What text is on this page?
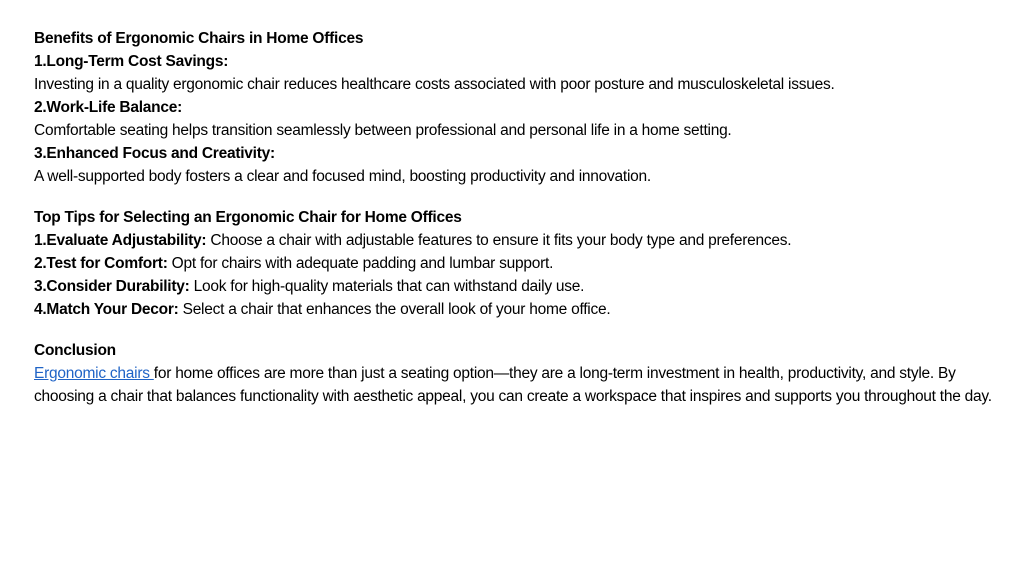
Benefits of Ergonomic Chairs in Home Offices
1.Long-Term Cost Savings:
Investing in a quality ergonomic chair reduces healthcare costs associated with poor posture and musculoskeletal issues.
2.Work-Life Balance:
Comfortable seating helps transition seamlessly between professional and personal life in a home setting.
3.Enhanced Focus and Creativity:
A well-supported body fosters a clear and focused mind, boosting productivity and innovation.
Top Tips for Selecting an Ergonomic Chair for Home Offices
1.Evaluate Adjustability: Choose a chair with adjustable features to ensure it fits your body type and preferences.
2.Test for Comfort: Opt for chairs with adequate padding and lumbar support.
3.Consider Durability: Look for high-quality materials that can withstand daily use.
4.Match Your Decor: Select a chair that enhances the overall look of your home office.
Conclusion
Ergonomic chairs for home offices are more than just a seating option—they are a long-term investment in health, productivity, and style. By choosing a chair that balances functionality with aesthetic appeal, you can create a workspace that inspires and supports you throughout the day.
